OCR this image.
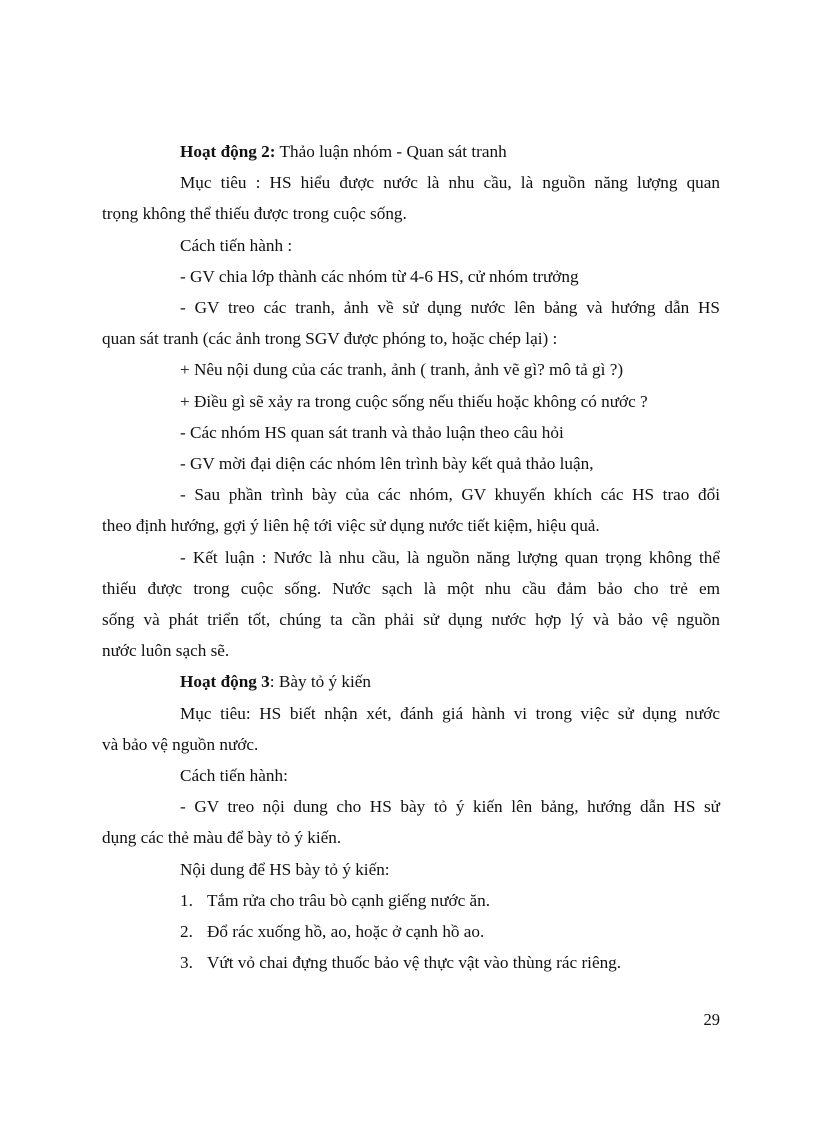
Hoạt động 2: Thảo luận nhóm - Quan sát tranh

Mục tiêu : HS hiểu được nước là nhu cầu, là nguồn năng lượng quan

trọng không thể thiếu được trong cuộc sống.

Cách tiến hành :

- GV chia lớp thành các nhóm từ 4-6 HS, cử nhóm trưởng

- GV treo các tranh, ảnh về sử dụng nước lên bảng và hướng dẫn HS

quan sát tranh (các ảnh trong SGV được phóng to, hoặc chép lại) :

+ Nêu nội dung của các tranh, ảnh ( tranh, ảnh vẽ gì? mô tả gì ?)

+ Điều gì sẽ xảy ra trong cuộc sống nếu thiếu hoặc không có nước ?

- Các nhóm HS quan sát tranh và thảo luận theo câu hỏi

- GV mời đại diện các nhóm lên trình bày kết quả thảo luận,

- Sau phần trình bày của các nhóm, GV khuyến khích các HS trao đổi

theo định hướng, gợi ý liên hệ tới việc sử dụng nước tiết kiệm, hiệu quả.

- Kết luận : Nước là nhu cầu, là nguồn năng lượng quan trọng không thể

thiếu được trong cuộc sống. Nước sạch là một nhu cầu đảm bảo cho trẻ em

sống và phát triển tốt, chúng ta cần phải sử dụng nước hợp lý và bảo vệ nguồn

nước luôn sạch sẽ.

Hoạt động 3: Bày tỏ ý kiến

Mục tiêu: HS biết nhận xét, đánh giá hành vi trong việc sử dụng nước

và bảo vệ nguồn nước.

Cách tiến hành:

- GV treo nội dung cho HS bày tỏ ý kiến lên bảng, hướng dẫn HS sử

dụng các thẻ màu để bày tỏ ý kiến.

Nội dung để HS bày tỏ ý kiến:

1. Tắm rửa cho trâu bò cạnh giếng nước ăn.
2. Đổ rác xuống hồ, ao, hoặc ở cạnh hồ ao.
3. Vứt vỏ chai đựng thuốc bảo vệ thực vật vào thùng rác riêng.
29
